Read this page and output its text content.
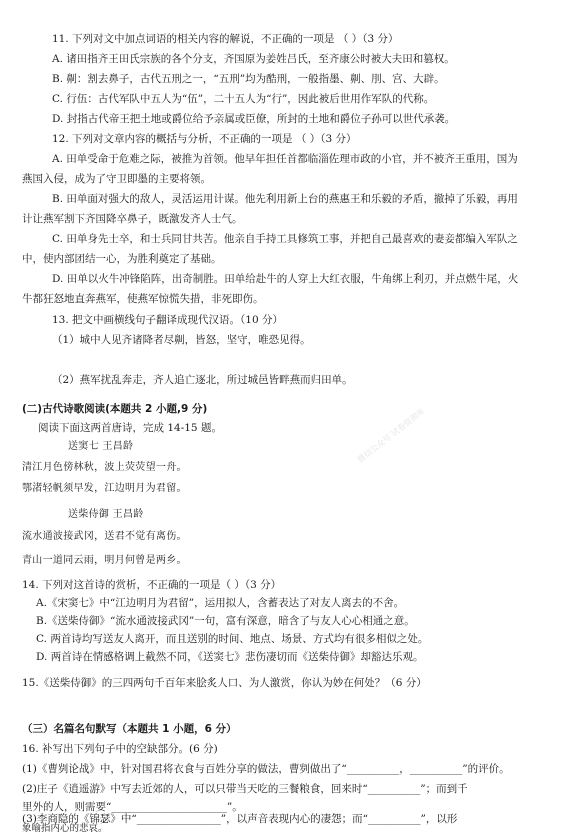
11. 下列对文中加点词语的相关内容的解说，不正确的一项是 （ ）（3 分）
A. 诸田指齐王田氏宗族的各个分支，齐国原为姜姓吕氏，至齐康公时被大夫田和篡权。
B. 劓：割去鼻子，古代五刑之一，“五刑”均为酷刑，一般指墨、劓、刖、宫、大辟。
C. 行伍：古代军队中五人为“伍”，二十五人为“行”，因此被后世用作军队的代称。
D. 封指古代帝王把土地或爵位给予亲属或臣僚，所封的土地和爵位子孙可以世代承袭。
12. 下列对文章内容的概括与分析，不正确的一项是 （ ）（3 分）
A. 田单受命于危难之际，被推为首领。他早年担任首都临淄佐理市政的小官，并不被齐王重用，国为
燕国入侵，成为了守卫即墨的主要将领。
B. 田单面对强大的敌人，灵活运用计谋。他先利用新上台的燕惠王和乐毅的矛盾，撤掉了乐毅，再用
计让燕军割下齐国降卒鼻子，既激发齐人士气。
C. 田单身先士卒，和士兵同甘共苦。他亲自手持工具修筑工事，并把自己最喜欢的妻妾都编入军队之
中，使内部团结一心，为胜利奠定了基础。
D. 田单以火牛冲锋陷阵，出奇制胜。田单给赴牛的人穿上大红衣服，牛角绑上利刃，并点燃牛尾，火
牛都狂怒地直奔燕军，使燕军惊慌失措，非死即伤。
13. 把文中画横线句子翻译成现代汉语。（10 分）
（1）城中人见齐诸降者尽劓，皆怒，坚守，唯恐见得。
（2）燕军扰乱奔走，齐人追亡逐北，所过城邑皆畔燕而归田单。
(二)古代诗歌阅读(本题共 2 小题,9 分)
阅读下面这两首唐诗，完成 14-15 题。
送窦七 王昌龄
清江月色傍林秋，波上荧荧望一舟。
鄂渚轻帆须早发，江边明月为君留。
送柴侍御 王昌龄
流水通波接武冈，送君不觉有离伤。
青山一道同云雨，明月何曾是两乡。
14. 下列对这首诗的赏析，不正确的一项是（ ）（3 分）
A.《宋窦七》中“江边明月为君留”，运用拟人，含蓄表达了对友人离去的不舍。
B.《送柴侍御》“流水通波接武冈”一句，富有深意，暗含了与友人心心相通之意。
C. 两首诗均写送友人离开，而且送别的时间、地点、场景、方式均有很多相似之处。
D. 两首诗在情感格调上截然不同，《送窦七》悲伤凄切而《送柴侍御》却豁达乐观。
15.《送柴侍御》的三四两句千百年来脍炙人口、为人激赏，你认为妙在何处？（6 分）
（三）名篇名句默写（本题共 1 小题，6 分）
16. 补写出下列句子中的空缺部分。(6 分)
(1)《曹刿论战》中，针对国君将衣食与百姓分享的做法，曹刿做出了“__________，__________”的评价。
(2)庄子《逍遥游》中写去近郊的人，可以只带当天吃的三餐粮食，回来时“__________”；而到千
里外的人，则需要“______________________”。
(3)李商隐的《锦瑟》中“________________”，以声音表现内心的凄怨；而“__________”，以形
象喻指内心的悲哀。
微信公众号 试卷资源库
